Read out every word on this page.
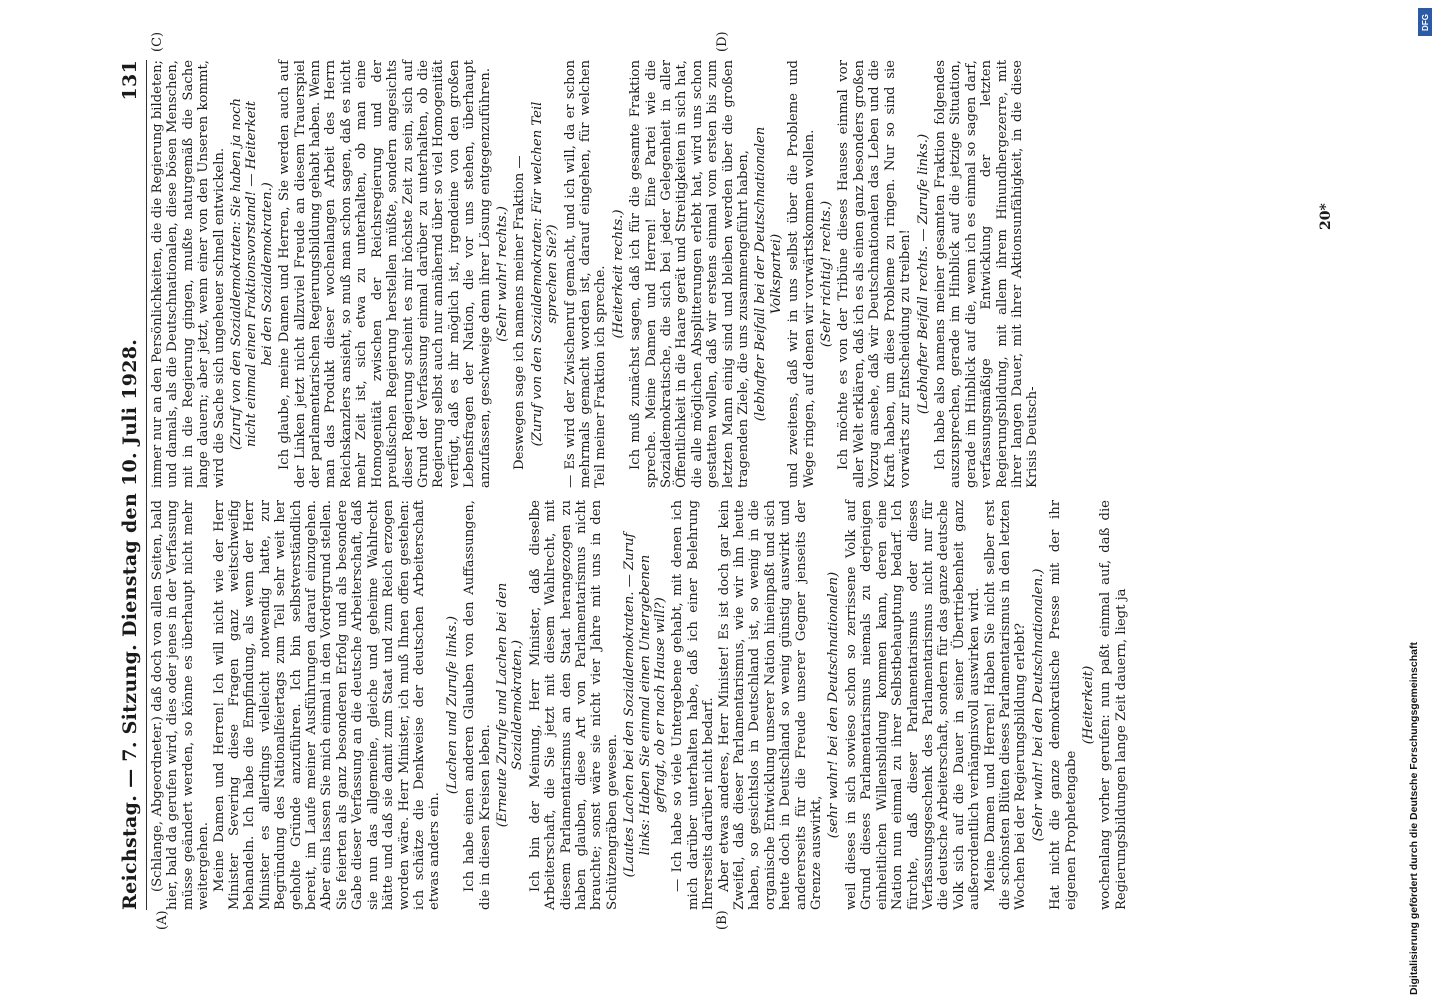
Reichstag. — 7. Sitzung. Dienstag den 10. Juli 1928.
131
(A)	(B)
(C)	(D)

(Schlange, Abgeordneter.) daß doch von allen Seiten, bald hier, bald da gerufen wird, dies oder jenes in der Verfassung müsse geändert werden, so könne es überhaupt nicht mehr weitergehen. Meine Damen und Herren! Ich will nicht wie der Herr Minister Severing diese Fragen ganz weitschweifig behandeln. Ich habe die Empfindung, als wenn der Herr Minister es allerdings vielleicht notwendig hatte, zur Begründung des Nationalfeiertags zum Teil sehr weit her geholte Gründe anzuführen. Ich bin selbstverständlich bereit, im Laufe meiner Ausführungen darauf einzugehen. Aber eins lassen Sie mich einmal in den Vordergrund stellen. Sie feierten als ganz besonderen Erfolg und als besondere Gabe dieser Verfassung an die deutsche Arbeiterschaft, daß sie nun das allgemeine, gleiche und geheime Wahlrecht hätte und daß sie damit zum Staat und zum Reich erzogen worden wäre. Herr Minister, ich muß Ihnen offen gestehen: ich schätze die Denkweise der deutschen Arbeiterschaft etwas anders ein.

(Lachen und Zurufe links.) Ich habe einen anderen Glauben von den Auffassungen, die in diesen Kreisen leben. (Erneute Zurufe und Lachen bei den Sozialdemokraten.) Ich bin der Meinung, Herr Minister, daß dieselbe Arbeiterschaft, die Sie jetzt mit diesem Wahlrecht, mit diesem Parlamentarismus an den Staat herangezogen zu haben glauben, diese Art von Parlamentarismus nicht brauchte; sonst wäre sie nicht vier Jahre mit uns in den Schützengräben gewesen. (Lautes Lachen bei den Sozialdemokraten. — Zuruf links: Haben Sie einmal einen Untergebenen gefragt, ob er nach Hause will?) — Ich habe so viele Untergebene gehabt, mit denen ich mich darüber unterhalten habe, daß ich einer Belehrung Ihrerseits darüber nicht bedarf. Aber etwas anderes, Herr Minister! Es ist doch gar kein Zweifel, daß dieser Parlamentarismus, wie wir ihn heute haben, so gesichtslos in Deutschland ist, so wenig in die organische Entwicklung unserer Nation hineinpaßt und sich heute doch in Deutschland so wenig günstig auswirkt und andererseits für die Freude unserer Gegner jenseits der Grenze auswirkt,

(sehr wahr! bei den Deutschnationalen) weil dieses in sich sowieso schon so zerrissene Volk auf Grund dieses Parlamentarismus niemals zu derjenigen einheitlichen Willensbildung kommen kann, deren eine Nation nun einmal zu ihrer Selbstbehauptung bedarf. Ich fürchte, daß dieser Parlamentarismus oder dieses Verfassungsgeschenk des Parlamentarismus nicht nur für die deutsche Arbeiterschaft, sondern für das ganze deutsche Volk sich auf die Dauer in seiner Übertriebenheit ganz außerordentlich verhängnisvoll auswirken wird. Meine Damen und Herren! Haben Sie nicht selber erst die schönsten Blüten dieses Parlamentarismus in den letzten Wochen bei der Regierungsbildung erlebt? (Sehr wahr! bei den Deutschnationalen.) Hat nicht die ganze demokratische Presse mit der ihr eigenen Prophetengabe

(Heiterkeit) wochenlang vorher gerufen: nun paßt einmal auf, daß die Regierungsbildungen lange Zeit dauern, liegt ja

immer nur an den Persönlichkeiten, die die Regierung bildeten; und damals, als die Deutschnationalen, diese bösen Menschen, mit in die Regierung gingen, mußte naturgemäß die Sache lange dauern; aber jetzt, wenn einer von den Unseren kommt, wird die Sache sich ungeheuer schnell entwickeln. (Zuruf von den Sozialdemokraten: Sie haben ja noch nicht einmal einen Fraktionsvorstand! — Heiterkeit bei den Sozialdemokraten.) Ich glaube, meine Damen und Herren, Sie werden auch auf der Linken jetzt nicht allzuviel Freude an diesem Trauerspiel der parlamentarischen Regierungsbildung gehabt haben. Wenn man das Produkt dieser wochenlangen Arbeit des Herrn Reichskanzlers ansieht, so muß man schon sagen, daß es nicht mehr Zeit ist, sich etwa zu unterhalten, ob man eine Homogenität zwischen der Reichsregierung und der preußischen Regierung herstellen müßte, sondern angesichts dieser Regierung scheint es mir höchste Zeit zu sein, sich auf Grund der Verfassung einmal darüber zu unterhalten, ob die Regierung selbst auch nur annähernd über so viel Homogenität verfügt, daß es ihr möglich ist, irgendeine von den großen Lebensfragen der Nation, die vor uns stehen, überhaupt anzufassen, geschweige denn ihrer Lösung entgegenzuführen. (Sehr wahr! rechts.) Deswegen sage ich namens meiner Fraktion — (Zuruf von den Sozialdemokraten: Für welchen Teil sprechen Sie?) — Es wird der Zwischenruf gemacht, und ich will, da er schon mehrmals gemacht worden ist, darauf eingehen, für welchen Teil meiner Fraktion ich spreche. (Heiterkeit rechts.) Ich muß zunächst sagen, daß ich für die gesamte Fraktion spreche. Meine Damen und Herren! Eine Partei wie die Sozialdemokratische, die sich bei jeder Gelegenheit in aller Öffentlichkeit in die Haare gerät und Streitigkeiten in sich hat, die alle möglichen Absplitterungen erlebt hat, wird uns schon gestatten wollen, daß wir erstens einmal vom ersten bis zum letzten Mann einig sind und bleiben werden über die großen tragenden Ziele, die uns zusammengeführt haben, (lebhafter Beifall bei der Deutschnationalen Volkspartei) und zweitens, daß wir in uns selbst über die Probleme und Wege ringen, auf denen wir vorwärtskommen wollen. (Sehr richtig! rechts.) Ich möchte es von der Tribüne dieses Hauses einmal vor aller Welt erklären, daß ich es als einen ganz besonders großen Vorzug ansehe, daß wir Deutschnationalen das Leben und die Kraft haben, um diese Probleme zu ringen. Nur so sind sie vorwärts zur Entscheidung zu treiben! (Lebhafter Beifall rechts. — Zurufe links.) Ich habe also namens meiner gesamten Fraktion folgendes auszusprechen, gerade im Hinblick auf die jetzige Situation, gerade im Hinblick auf die, wenn ich es einmal so sagen darf, verfassungsmäßige Entwicklung der letzten Regierungsbildung, mit allem ihrem Hinundhergezerre, mit ihrer langen Dauer, mit ihrer Aktionsunfähigkeit, in die diese Krisis Deutsch-

20*
DFG
Digitalisierung gefördert durch die Deutsche Forschungsgemeinschaft
